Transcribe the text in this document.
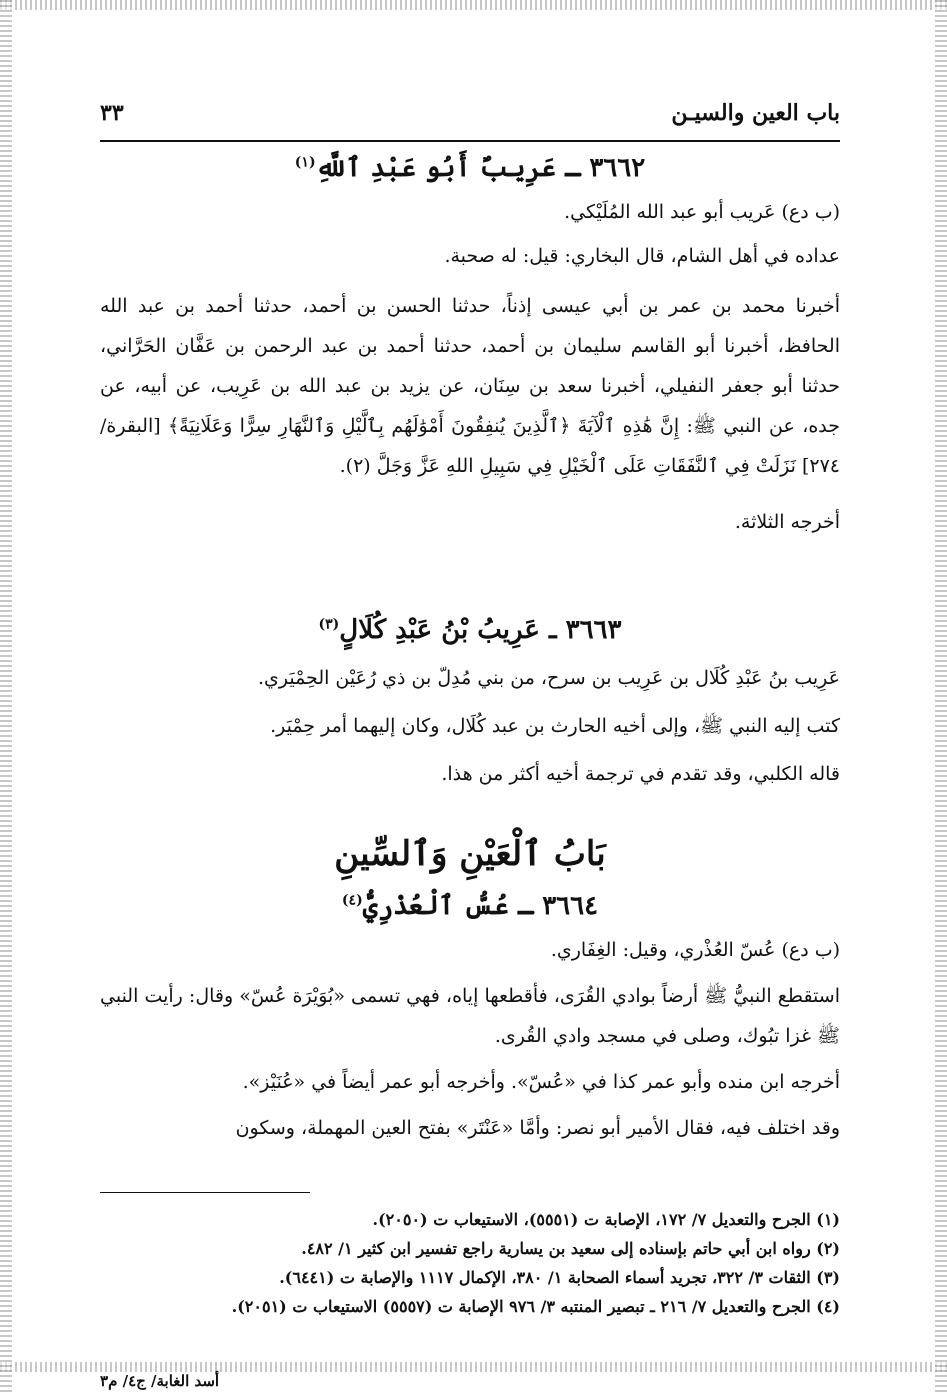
باب العين والسيـن
٣٣
٣٦٦٢ ـ عَرِيبٌ أَبُو عَبْدِ ٱللَّهِ$^{(١)}$

(ب دع) عَريب أبو عبد الله المُلَيْكي.

عداده في أهل الشام، قال البخاري: قيل: له صحبة.

أخبرنا محمد بن عمر بن أبي عيسى إذناً، حدثنا الحسن بن أحمد، حدثنا أحمد بن عبد الله الحافظ، أخبرنا أبو القاسم سليمان بن أحمد، حدثنا أحمد بن عبد الرحمن بن عَفَّان الحَرَّاني، حدثنا أبو جعفر النفيلي، أخبرنا سعد بن سِنَان، عن يزيد بن عبد الله بن عَرِيب، عن أبيه، عن جده، عن النبي ﷺ: إِنَّ هَٰذِهِ ٱلْآيَةَ ﴿ٱلَّذِينَ يُنفِقُونَ أَمْوَٰلَهُم بِٱلَّيْلِ وَٱلنَّهَارِ سِرًّا وَعَلَانِيَةً﴾ [البقرة/ ٢٧٤] نَزَلَتْ فِي ٱلنَّفَقَاتِ عَلَى ٱلْخَيْلِ فِي سَبِيلِ اللهِ عَزَّ وَجَلَّ (٢).

أخرجه الثلاثة.

٣٦٦٣ ـ عَرِيبُ بْنُ عَبْدِ كُلَالٍ$^{(٣)}$

عَرِيب بنُ عَبْدِ كُلَال بن عَرِيب بن سرح، من بني مُدِلّ بن ذي رُعَيْن الحِمْيَري.

كتب إليه النبي ﷺ، وإلى أخيه الحارث بن عبد كُلَال، وكان إليهما أمر حِمْيَر.

قاله الكلبي، وقد تقدم في ترجمة أخيه أكثر من هذا.

بَابُ ٱلْعَيْنِ وَٱلسِّينِ
٣٦٦٤ ـ عُسُّ ٱلْعُذْرِيُّ$^{(٤)}$

(ب دع) عُسّ العُذْري، وقيل: الغِفَاري.

استقطع النبيُّ ﷺ أرضاً بوادي القُرَى، فأقطعها إياه، فهي تسمى «بُوَيْرَة عُسّ» وقال: رأيت النبي ﷺ غزا تبُوك، وصلى في مسجد وادي القُرى.

أخرجه ابن منده وأبو عمر كذا في «عُسّ». وأخرجه أبو عمر أيضاً في «عُنَيْز».

وقد اختلف فيه، فقال الأمير أبو نصر: وأمَّا «عَنْتَر» بفتح العين المهملة، وسكون

(١) الجرح والتعديل ٧/ ١٧٢، الإصابة ت (٥٥٥١)، الاستيعاب ت (٢٠٥٠).

(٢) رواه ابن أبي حاتم بإسناده إلى سعيد بن يسارية راجع تفسير ابن كثير ١/ ٤٨٢.

(٣) الثقات ٣/ ٣٢٢، تجريد أسماء الصحابة ١/ ٣٨٠، الإكمال ١١١٧ والإصابة ت (٦٤٤١).

(٤) الجرح والتعديل ٧/ ٢١٦ ـ تبصير المنتبه ٣/ ٩٧٦ الإصابة ت (٥٥٥٧) الاستيعاب ت (٢٠٥١).

أسد الغابة/ ج٤/ م٣
